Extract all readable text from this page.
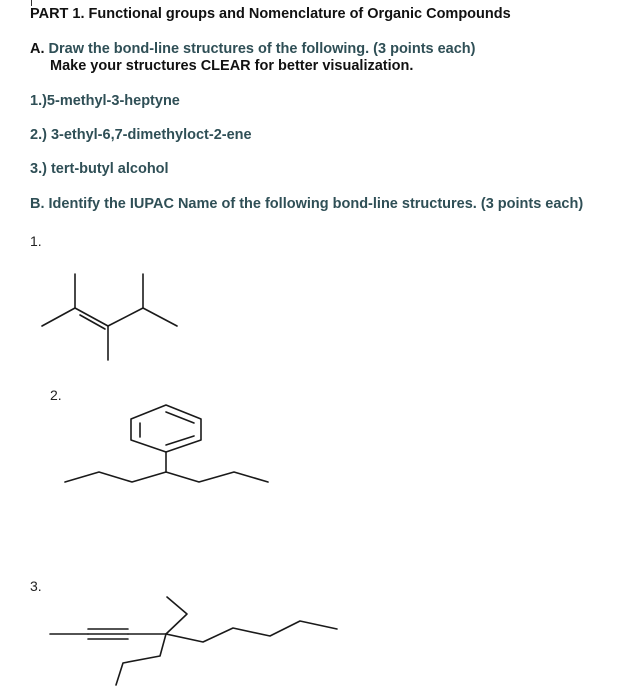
PART 1. Functional groups and Nomenclature of Organic Compounds
A. Draw the bond-line structures of the following. (3 points each)
Make your structures CLEAR for better visualization.
1.)5-methyl-3-heptyne
2.) 3-ethyl-6,7-dimethyloct-2-ene
3.) tert-butyl alcohol
B. Identify the IUPAC Name of the following bond-line structures. (3 points each)
1.
2.
3.
